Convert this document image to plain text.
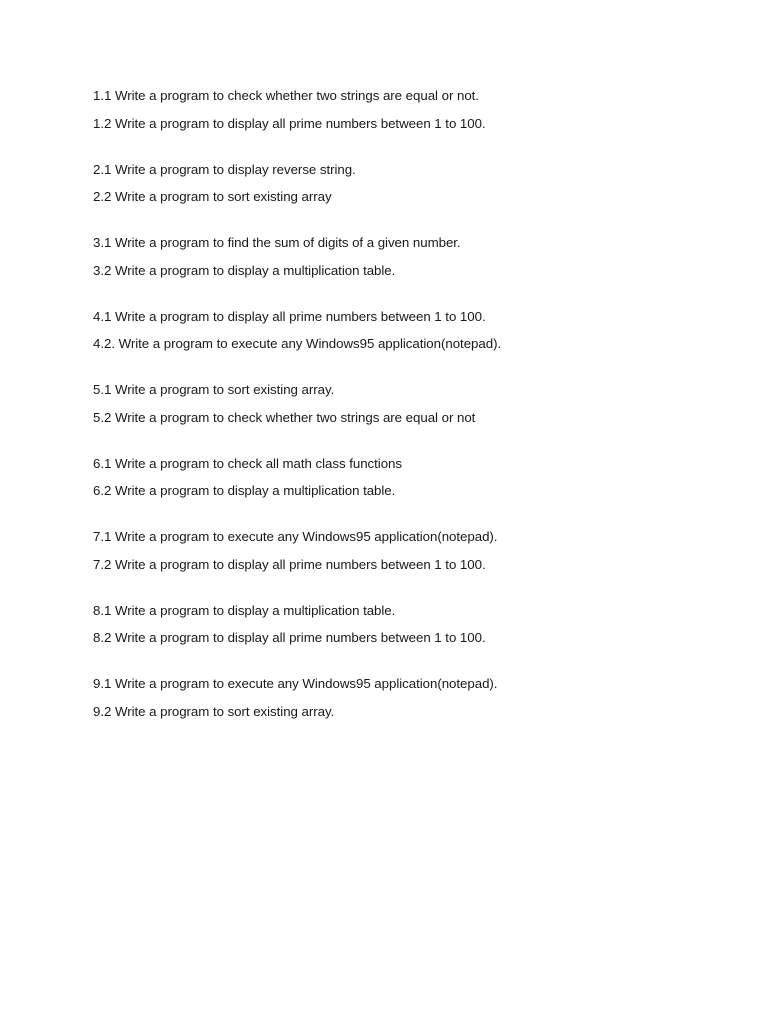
1.1 Write a program to check whether two strings are equal or not.
1.2 Write a program to display all prime numbers between 1 to 100.
2.1 Write a program to display reverse string.
2.2 Write a program to sort existing array
3.1 Write a program to find the sum of digits of a given number.
3.2 Write a program to display a multiplication table.
4.1 Write a program to display all prime numbers between 1 to 100.
4.2. Write a program to execute any Windows95 application(notepad).
5.1 Write a program to sort existing array.
5.2 Write a program to check whether two strings are equal or not
6.1 Write a program to check all math class functions
6.2 Write a program to display a multiplication table.
7.1 Write a program to execute any Windows95 application(notepad).
7.2 Write a program to display all prime numbers between 1 to 100.
8.1 Write a program to display a multiplication table.
8.2 Write a program to display all prime numbers between 1 to 100.
9.1 Write a program to execute any Windows95 application(notepad).
9.2 Write a program to sort existing array.
